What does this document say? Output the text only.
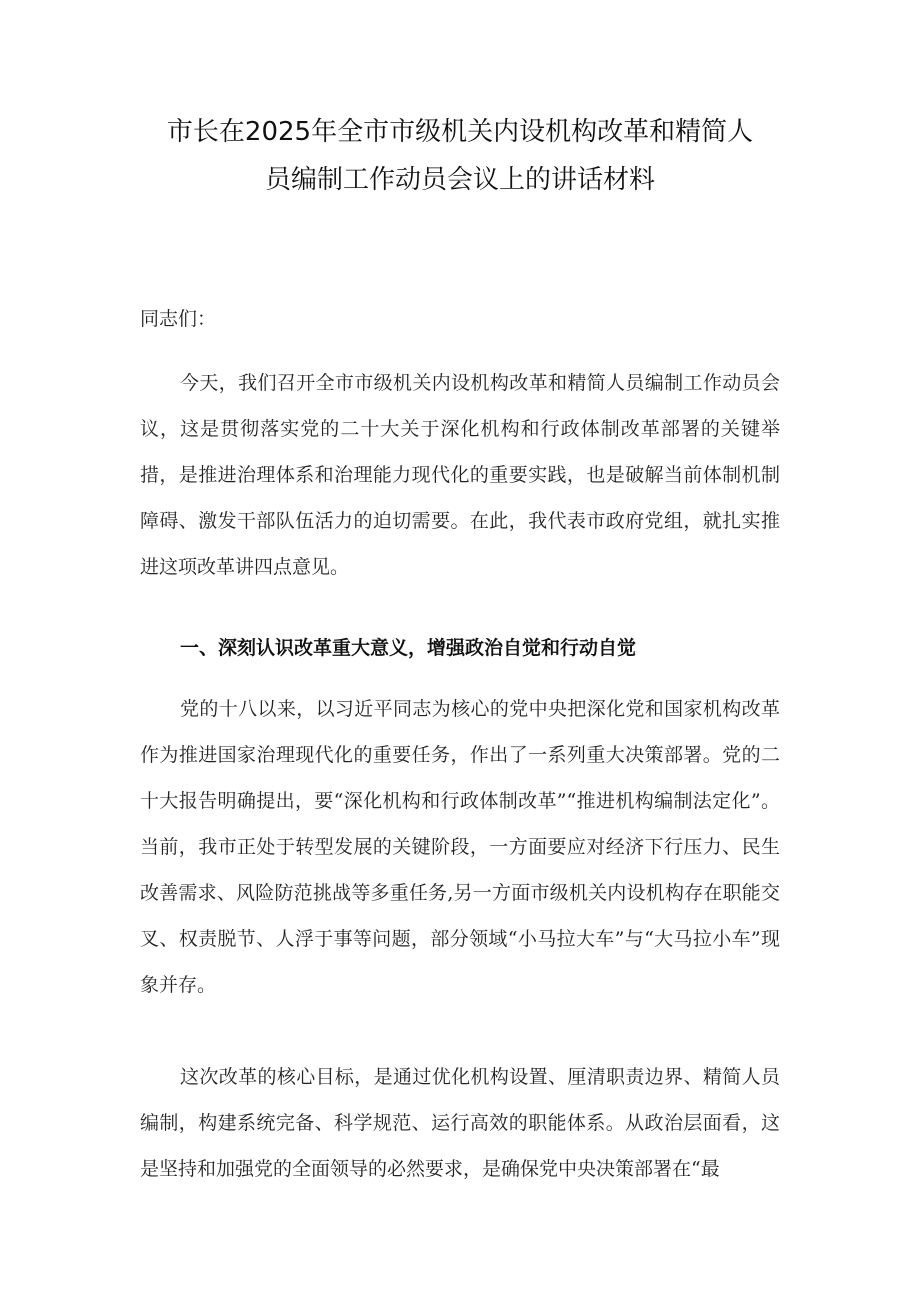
市长在2025年全市市级机关内设机构改革和精简人
员编制工作动员会议上的讲话材料

同志们：

今天，我们召开全市市级机关内设机构改革和精简人员编制工作动员会议，这是贯彻落实党的二十大关于深化机构和行政体制改革部署的关键举措，是推进治理体系和治理能力现代化的重要实践，也是破解当前体制机制障碍、激发干部队伍活力的迫切需要。在此，我代表市政府党组，就扎实推进这项改革讲四点意见。

一、深刻认识改革重大意义，增强政治自觉和行动自觉

党的十八以来，以习近平同志为核心的党中央把深化党和国家机构改革作为推进国家治理现代化的重要任务，作出了一系列重大决策部署。党的二十大报告明确提出，要“深化机构和行政体制改革”“推进机构编制法定化”。当前，我市正处于转型发展的关键阶段，一方面要应对经济下行压力、民生改善需求、风险防范挑战等多重任务,另一方面市级机关内设机构存在职能交叉、权责脱节、人浮于事等问题，部分领域“小马拉大车”与“大马拉小车”现象并存。

这次改革的核心目标，是通过优化机构设置、厘清职责边界、精简人员编制，构建系统完备、科学规范、运行高效的职能体系。从政治层面看，这是坚持和加强党的全面领导的必然要求，是确保党中央决策部署在“最
